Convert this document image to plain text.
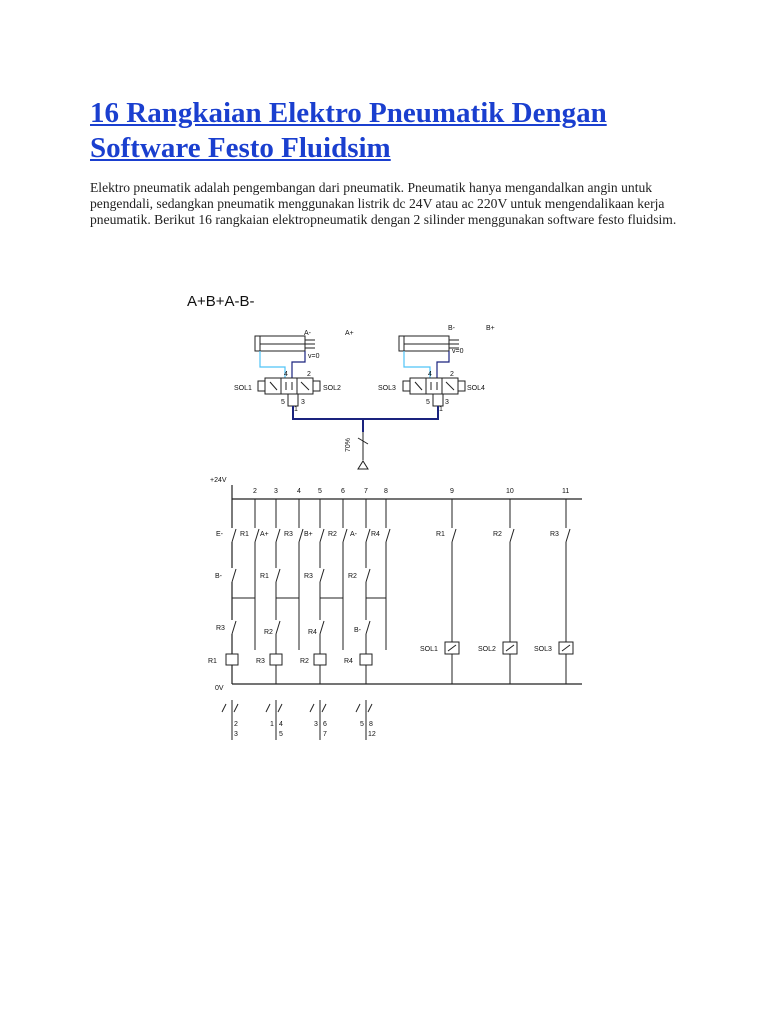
16 Rangkaian Elektro Pneumatik Dengan Software Festo Fluidsim

Elektro pneumatik adalah pengembangan dari pneumatik. Pneumatik hanya mengandalkan angin untuk pengendali, sedangkan pneumatik menggunakan listrik dc 24V atau ac 220V untuk mengendalikaan kerja pneumatik. Berikut 16 rangkaian elektropneumatik dengan 2 silinder menggunakan software festo fluidsim.

A+B+A-B-
A-
v=0
A+
B-
v=0
B+
4	2
5 3
1
SOL1	SOL2
4	2
5 3
1
SOL3	SOL4
70%
+24V
0V
2 3	4 5	6	7 8	9	10	11
E- R1 A+ R3 B+ R2 A- R4	R1	R2	R3
B-	R1	R3	R2
R3
R2	R4	B-
R1	R3	R2	R4
SOL1	SOL2	SOL3
2
3
1 4
5
3 6
7
5 8
12
